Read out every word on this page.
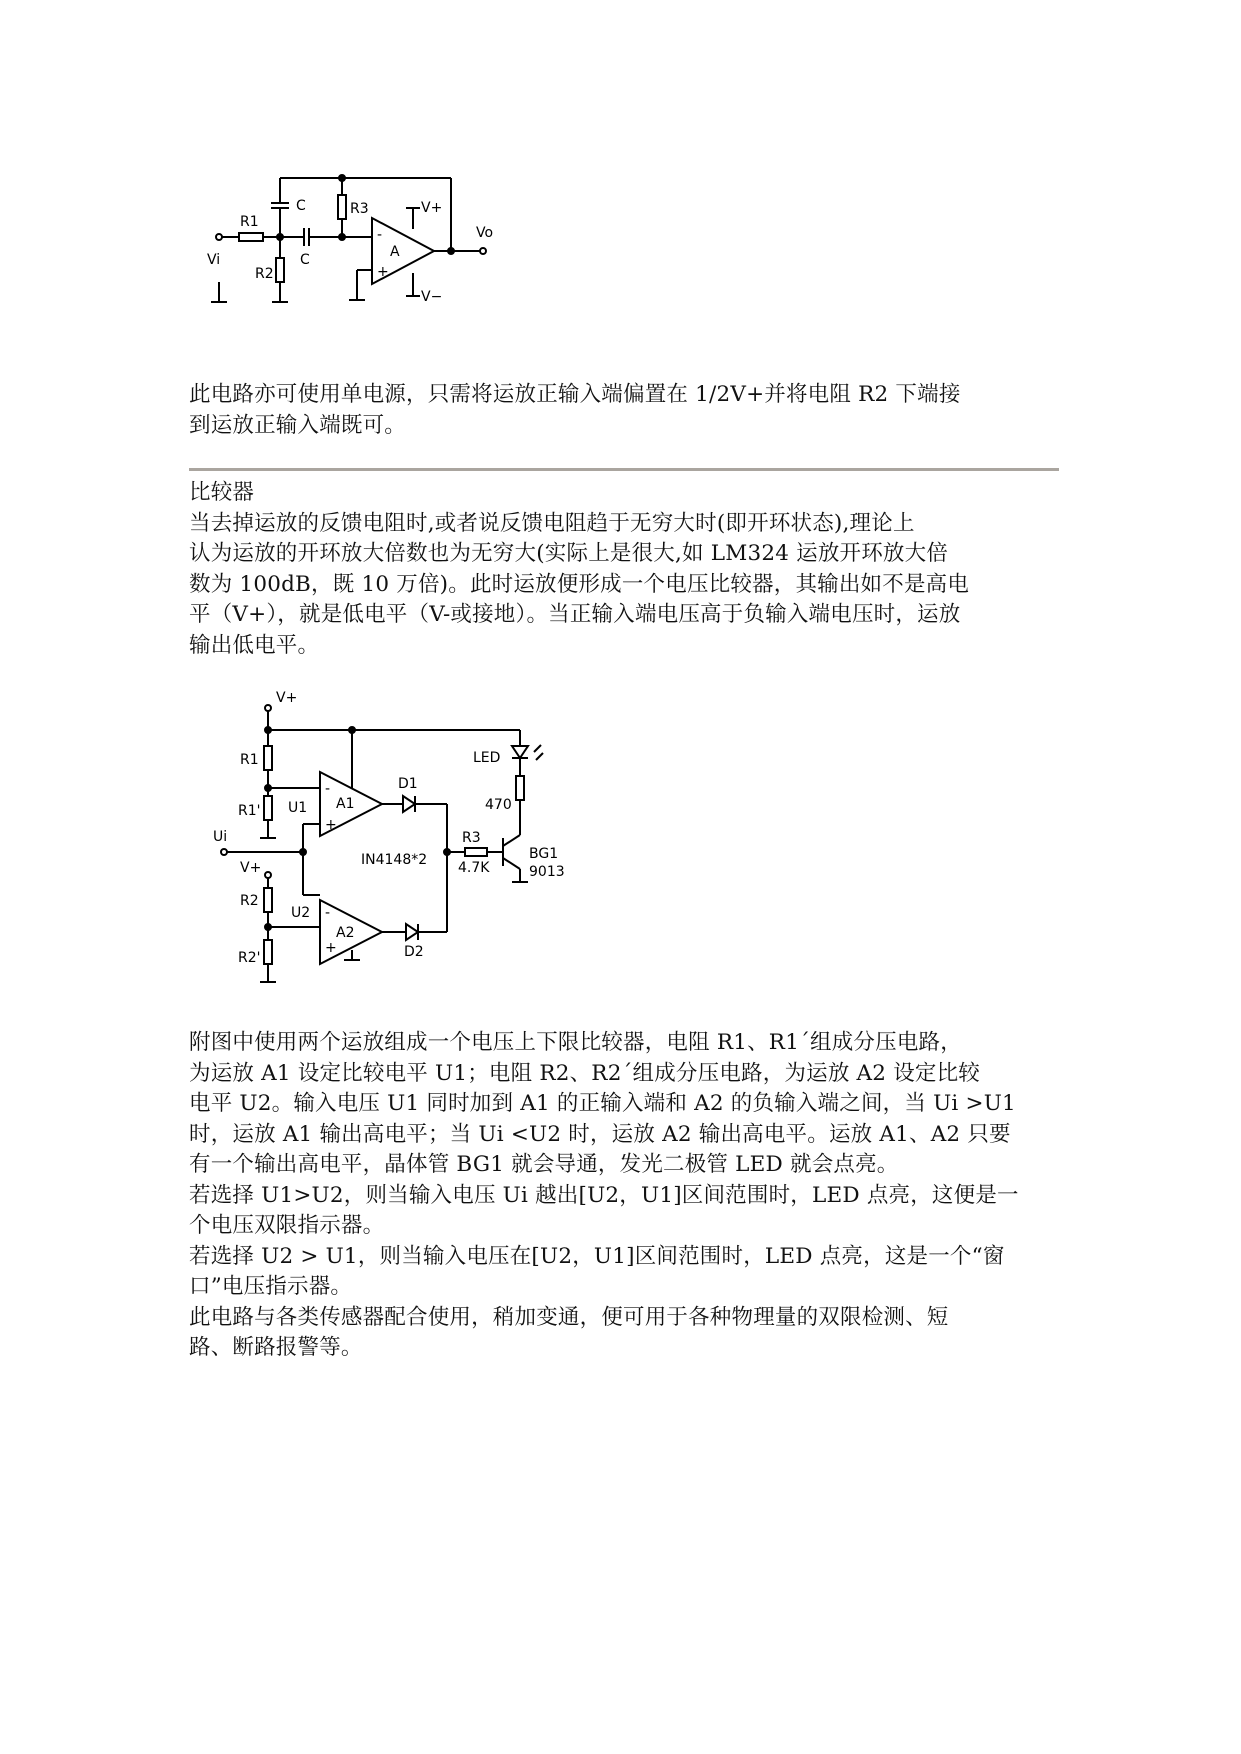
R1
C	R3	V+
Vo
C
Vi
R2
A
-
+
V−
此电路亦可使用单电源，只需将运放正输入端偏置在 1/2V+并将电阻 R2 下端接
到运放正输入端既可。
比较器
当去掉运放的反馈电阻时,或者说反馈电阻趋于无穷大时(即开环状态),理论上
认为运放的开环放大倍数也为无穷大(实际上是很大,如 LM324 运放开环放大倍
数为 100dB，既 10 万倍)。此时运放便形成一个电压比较器，其输出如不是高电
平（V+），就是低电平（V-或接地）。当正输入端电压高于负输入端电压时，运放
输出低电平。
V+
R1	LED
D1
U1
R1'	A1	470
Ui	R3
IN4148*2 4.7K
BG1
9013
V+
R2
U2
A2
D2
R2'
-
+
-
+
附图中使用两个运放组成一个电压上下限比较器，电阻 R1、R1´组成分压电路，
为运放 A1 设定比较电平 U1；电阻 R2、R2´组成分压电路，为运放 A2 设定比较
电平 U2。输入电压 U1 同时加到 A1 的正输入端和 A2 的负输入端之间，当 Ui >U1
时，运放 A1 输出高电平；当 Ui <U2 时，运放 A2 输出高电平。运放 A1、A2 只要
有一个输出高电平，晶体管 BG1 就会导通，发光二极管 LED 就会点亮。
若选择 U1>U2，则当输入电压 Ui 越出[U2，U1]区间范围时，LED 点亮，这便是一
个电压双限指示器。
若选择 U2 > U1，则当输入电压在[U2，U1]区间范围时，LED 点亮，这是一个“窗
口”电压指示器。
此电路与各类传感器配合使用，稍加变通，便可用于各种物理量的双限检测、短
路、断路报警等。
